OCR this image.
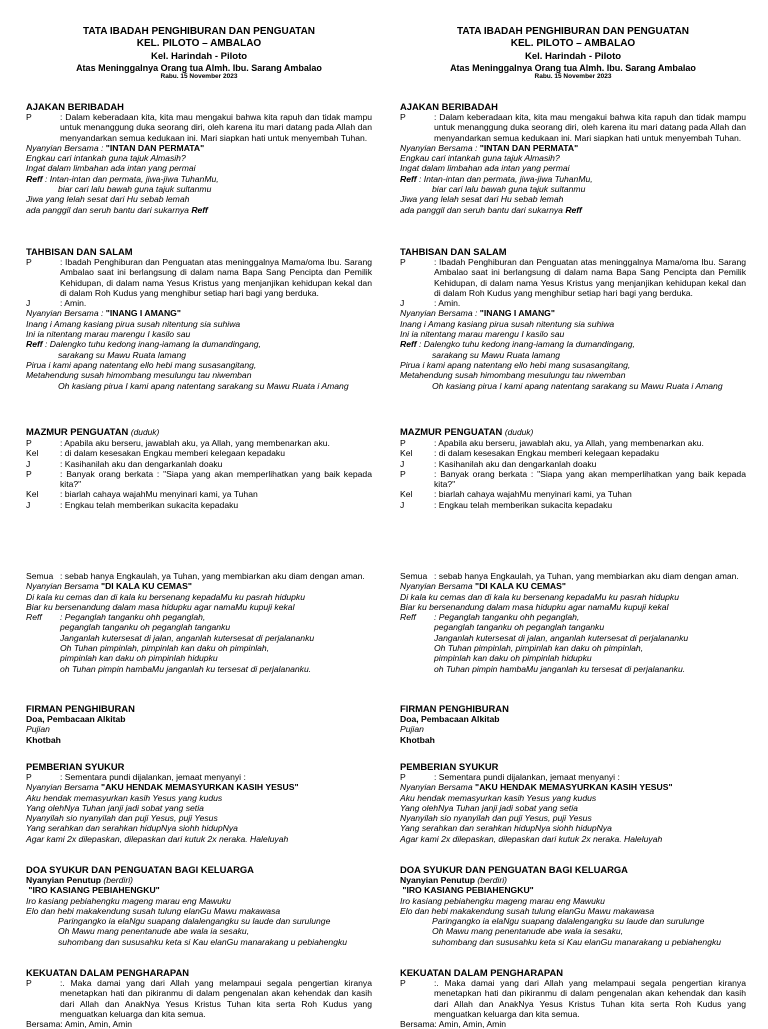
TATA IBADAH PENGHIBURAN DAN PENGUATAN
KEL. PILOTO – AMBALAO
Kel. Harindah - Piloto
Atas Meninggalnya Orang tua Almh. Ibu. Sarang Ambalao
Rabu. 15 November 2023

AJAKAN BERIBADAH

P	: Dalam keberadaan kita, kita mau mengakui bahwa kita rapuh dan tidak mampu untuk menanggung duka seorang diri, oleh karena itu mari datang pada Allah dan menyandarkan semua kedukaan ini. Mari siapkan hati untuk menyembah Tuhan.

Nyanyian Bersama : "INTAN DAN PERMATA"

Engkau cari intankah guna tajuk Almasih?

Ingat dalam limbahan ada intan yang permai

Reff : Intan-intan dan permata, jiwa-jiwa TuhanMu,

biar cari lalu bawah guna tajuk sultanmu

Jiwa yang lelah sesat dari Hu sebab lemah

ada panggil dan seruh bantu dari sukarnya Reff

TAHBISAN DAN SALAM

P	: Ibadah Penghiburan dan Penguatan atas meninggalnya Mama/oma Ibu. Sarang Ambalao saat ini berlangsung di dalam nama Bapa Sang Pencipta dan Pemilik Kehidupan, di dalam nama Yesus Kristus yang menjanjikan kehidupan kekal dan di dalam Roh Kudus yang menghibur setiap hari bagi yang berduka.
J	: Amin.

Nyanyian Bersama : "INANG I AMANG"

Inang i Amang kasiang pirua susah nitentung sia suhiwa

Ini ia nitentang marau marengu I kasilo sau

Reff : Dalengko tuhu kedong inang-iamang la dumandingang,

sarakang su Mawu Ruata lamang

Pirua i kami apang natentang ello hebi mang susasangitang,

Metahendung susah himombang mesulungu tau niwemban

Oh kasiang pirua I kami apang natentang sarakang su Mawu Ruata i Amang

MAZMUR PENGUATAN (duduk)

P	: Apabila aku berseru, jawablah aku, ya Allah, yang membenarkan aku.
Kel	: di dalam kesesakan Engkau memberi kelegaan kepadaku
J	: Kasihanilah aku dan dengarkanlah doaku
P	: Banyak orang berkata : "Siapa yang akan memperlihatkan yang baik kepada kita?"
Kel	: biarlah cahaya wajahMu menyinari kami, ya Tuhan
J	: Engkau telah memberikan sukacita kepadaku
Semua : sebab hanya Engkaulah, ya Tuhan, yang membiarkan aku diam dengan aman.

Nyanyian Bersama "DI KALA KU CEMAS"

Di kala ku cemas dan di kala ku bersenang kepadaMu ku pasrah hidupku

Biar ku bersenandung dalam masa hidupku agar namaMu kupuji kekal

Reff	: Peganglah tanganku ohh peganglah,

peganglah tanganku oh peganglah tanganku

Janganlah kutersesat di jalan, anganlah kutersesat di perjalananku

Oh Tuhan pimpinlah, pimpinlah kan daku oh pimpinlah,

pimpinlah kan daku oh pimpinlah hidupku

oh Tuhan pimpin hambaMu janganlah ku tersesat di perjalananku.

FIRMAN PENGHIBURAN

Doa, Pembacaan Alkitab

Pujian

Khotbah

PEMBERIAN SYUKUR

P	: Sementara pundi dijalankan, jemaat menyanyi :

Nyanyian Bersama "AKU HENDAK MEMASYURKAN KASIH YESUS"

Aku hendak memasyurkan kasih Yesus yang kudus

Yang olehNya Tuhan janji jadi sobat yang setia

Nyanyilah sio nyanyilah dan puji Yesus, puji Yesus

Yang serahkan dan serahkan hidupNya siohh hidupNya

Agar kami 2x dilepaskan, dilepaskan dari kutuk 2x neraka. Haleluyah

DOA SYUKUR DAN PENGUATAN BAGI KELUARGA

Nyanyian Penutup (berdiri)

"IRO KASIANG PEBIAHENGKU"

Iro kasiang pebiahengku mageng marau eng Mawuku

Elo dan hebi makakendung susah tulung elanGu Mawu makawasa

Paringangko ia elaNgu suapang dalalengangku su laude dan surulunge

Oh Mawu mang penentanude abe wala ia sesaku,

suhombang dan sususahku keta si Kau elanGu manarakang u pebiahengku

KEKUATAN DALAM PENGHARAPAN

P	:. Maka damai yang dari Allah yang melampaui segala pengertian kiranya menetapkan hati dan pikiranmu di dalam pengenalan akan kehendak dan kasih dari Allah dan AnakNya Yesus Kristus Tuhan kita serta Roh Kudus yang menguatkan keluarga dan kita semua.
Bersama : Amin, Amin, Amin
TATA IBADAH PENGHIBURAN DAN PENGUATAN
KEL. PILOTO – AMBALAO
Kel. Harindah - Piloto
Atas Meninggalnya Orang tua Almh. Ibu. Sarang Ambalao
Rabu. 15 November 2023

AJAKAN BERIBADAH

P	: Dalam keberadaan kita, kita mau mengakui bahwa kita rapuh dan tidak mampu untuk menanggung duka seorang diri, oleh karena itu mari datang pada Allah dan menyandarkan semua kedukaan ini. Mari siapkan hati untuk menyembah Tuhan.

Nyanyian Bersama : "INTAN DAN PERMATA"

Engkau cari intankah guna tajuk Almasih?

Ingat dalam limbahan ada intan yang permai

Reff : Intan-intan dan permata, jiwa-jiwa TuhanMu,

biar cari lalu bawah guna tajuk sultanmu

Jiwa yang lelah sesat dari Hu sebab lemah

ada panggil dan seruh bantu dari sukarnya Reff

TAHBISAN DAN SALAM

P	: Ibadah Penghiburan dan Penguatan atas meninggalnya Mama/oma Ibu. Sarang Ambalao saat ini berlangsung di dalam nama Bapa Sang Pencipta dan Pemilik Kehidupan, di dalam nama Yesus Kristus yang menjanjikan kehidupan kekal dan di dalam Roh Kudus yang menghibur setiap hari bagi yang berduka.
J	: Amin.

Nyanyian Bersama : "INANG I AMANG"

Inang i Amang kasiang pirua susah nitentung sia suhiwa

Ini ia nitentang marau marengu I kasilo sau

Reff : Dalengko tuhu kedong inang-iamang la dumandingang,

sarakang su Mawu Ruata lamang

Pirua i kami apang natentang ello hebi mang susasangitang,

Metahendung susah himombang mesulungu tau niwemban

Oh kasiang pirua I kami apang natentang sarakang su Mawu Ruata i Amang

MAZMUR PENGUATAN (duduk)

P	: Apabila aku berseru, jawablah aku, ya Allah, yang membenarkan aku.
Kel	: di dalam kesesakan Engkau memberi kelegaan kepadaku
J	: Kasihanilah aku dan dengarkanlah doaku
P	: Banyak orang berkata : "Siapa yang akan memperlihatkan yang baik kepada kita?"
Kel	: biarlah cahaya wajahMu menyinari kami, ya Tuhan
J	: Engkau telah memberikan sukacita kepadaku
Semua : sebab hanya Engkaulah, ya Tuhan, yang membiarkan aku diam dengan aman.

Nyanyian Bersama "DI KALA KU CEMAS"

Di kala ku cemas dan di kala ku bersenang kepadaMu ku pasrah hidupku

Biar ku bersenandung dalam masa hidupku agar namaMu kupuji kekal

Reff	: Peganglah tanganku ohh peganglah,

peganglah tanganku oh peganglah tanganku

Janganlah kutersesat di jalan, anganlah kutersesat di perjalananku

Oh Tuhan pimpinlah, pimpinlah kan daku oh pimpinlah,

pimpinlah kan daku oh pimpinlah hidupku

oh Tuhan pimpin hambaMu janganlah ku tersesat di perjalananku.

FIRMAN PENGHIBURAN

Doa, Pembacaan Alkitab

Pujian

Khotbah

PEMBERIAN SYUKUR

P	: Sementara pundi dijalankan, jemaat menyanyi :

Nyanyian Bersama "AKU HENDAK MEMASYURKAN KASIH YESUS"

Aku hendak memasyurkan kasih Yesus yang kudus

Yang olehNya Tuhan janji jadi sobat yang setia

Nyanyilah sio nyanyilah dan puji Yesus, puji Yesus

Yang serahkan dan serahkan hidupNya siohh hidupNya

Agar kami 2x dilepaskan, dilepaskan dari kutuk 2x neraka. Haleluyah

DOA SYUKUR DAN PENGUATAN BAGI KELUARGA

Nyanyian Penutup (berdiri)

"IRO KASIANG PEBIAHENGKU"

Iro kasiang pebiahengku mageng marau eng Mawuku

Elo dan hebi makakendung susah tulung elanGu Mawu makawasa

Paringangko ia elaNgu suapang dalalengangku su laude dan surulunge

Oh Mawu mang penentanude abe wala ia sesaku,

suhombang dan sususahku keta si Kau elanGu manarakang u pebiahengku

KEKUATAN DALAM PENGHARAPAN

P	:. Maka damai yang dari Allah yang melampaui segala pengertian kiranya menetapkan hati dan pikiranmu di dalam pengenalan akan kehendak dan kasih dari Allah dan AnakNya Yesus Kristus Tuhan kita serta Roh Kudus yang menguatkan keluarga dan kita semua.
Bersama : Amin, Amin, Amin
